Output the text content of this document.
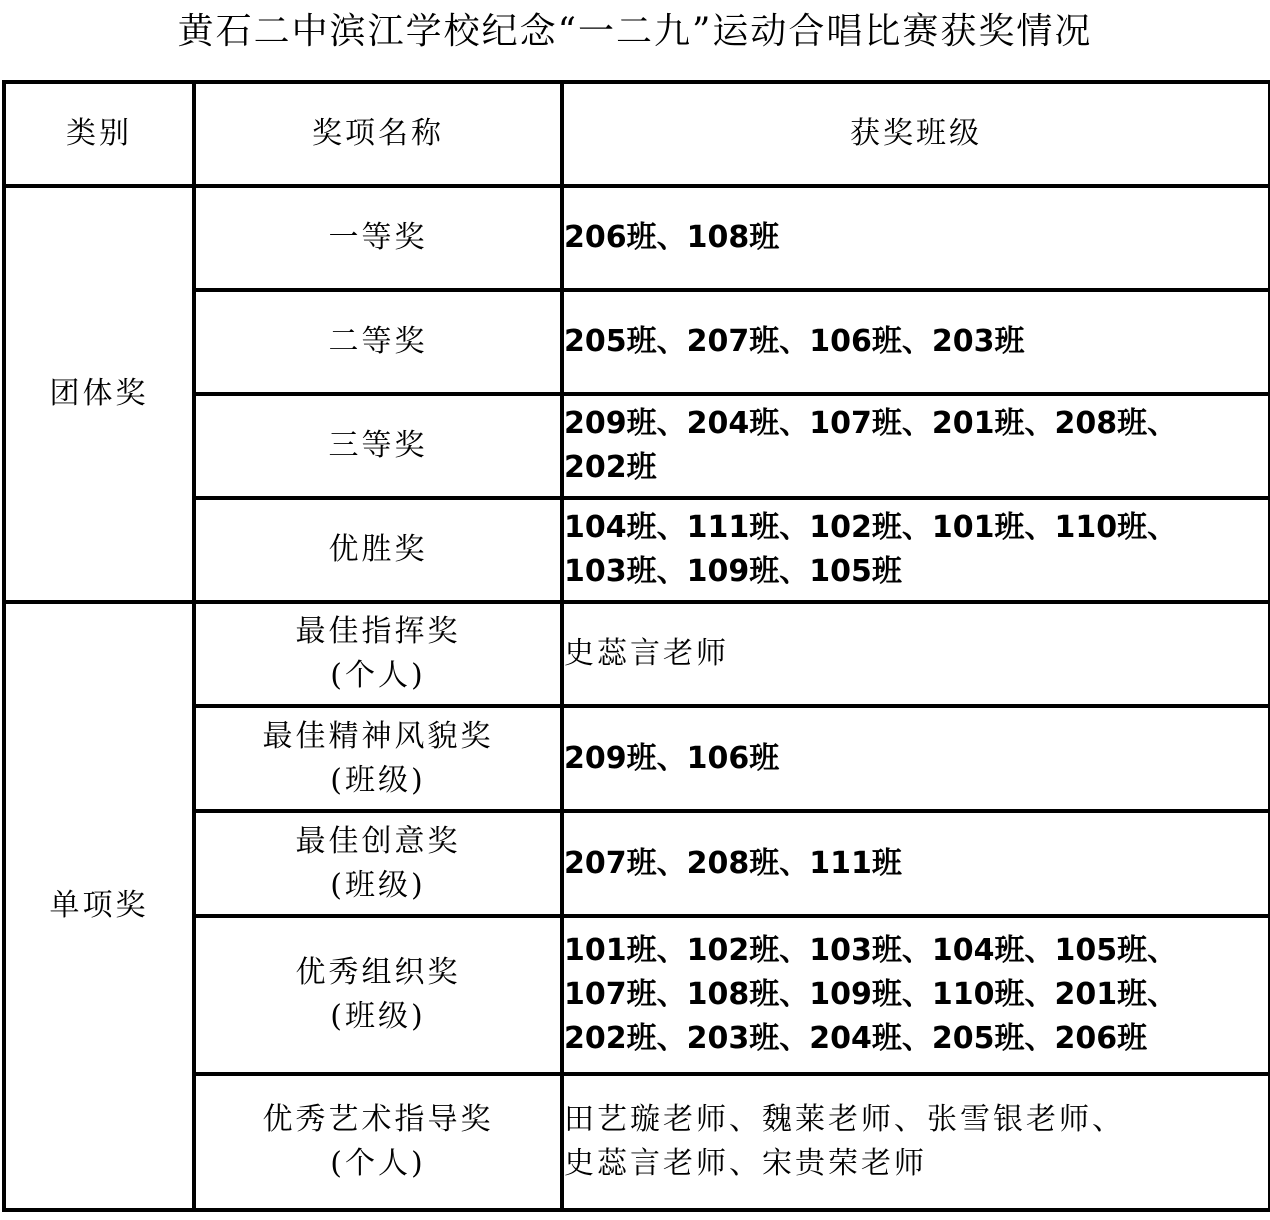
黄石二中滨江学校纪念“一二九”运动合唱比赛获奖情况
类别	奖项名称	获奖班级
团体奖	一等奖	206班、108班

	二等奖	205班、207班、106班、203班

	三等奖	209班、204班、107班、201班、208班、
202班

	优胜奖	104班、111班、102班、101班、110班、
103班、109班、105班

单项奖	最佳指挥奖
(个人)	史蕊言老师

	最佳精神风貌奖
(班级)	209班、106班

	最佳创意奖
(班级)	207班、208班、111班

	优秀组织奖
(班级)	101班、102班、103班、104班、105班、
107班、108班、109班、110班、201班、
202班、203班、204班、205班、206班

	优秀艺术指导奖
(个人)	田艺璇老师、魏莱老师、张雪银老师、
史蕊言老师、宋贵荣老师
